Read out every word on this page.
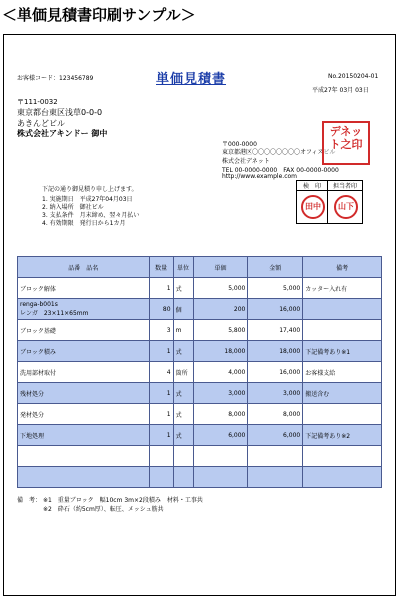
＜単価見積書印刷サンプル＞
お客様コード：123456789	単価見積書	No.20150204-01
平成27年 03月 03日
〒111-0032
東京都台東区浅草0-0-0
あきんどビル
株式会社アキンドー 御中
〒000-0000
東京都港区〇〇〇〇〇〇〇〇オフィスビル
株式会社デネット
TEL 00-0000-0000　 FAX 00-0000-0000
http://www.example.com
デネット之印
下記の通り御見積り申し上げます。
1. 実施期日　平成27年04月03日
2. 納入場所　御社ビル
3. 支払条件　月末締め、翌々月払い
4. 有効期限　発行日から1カ月
検　印	担当者印

田中	山下
品番　品名	数量	単位	単価	金額	備考
ブロック解体	1	式	5,000	5,000	カッター入れ有
renga-b001s
レンガ　23×11×65mm	80	個	200	16,000	
ブロック基礎	3	m	5,800	17,400	
ブロック積み	1	式	18,000	18,000	下記備考あり※1
洗用部材取付	4	箇所	4,000	16,000	お客様支給
残材処分	1	式	3,000	3,000	搬送含む
発材処分	1	式	8,000	8,000	
下地処理	1	式	6,000	6,000	下記備考あり※2

備　考： ※1　重量ブロック　幅10cm 3m×2段積み　材料・工事共
※2　砕石（約5cm厚）、転圧、メッシュ筋共
